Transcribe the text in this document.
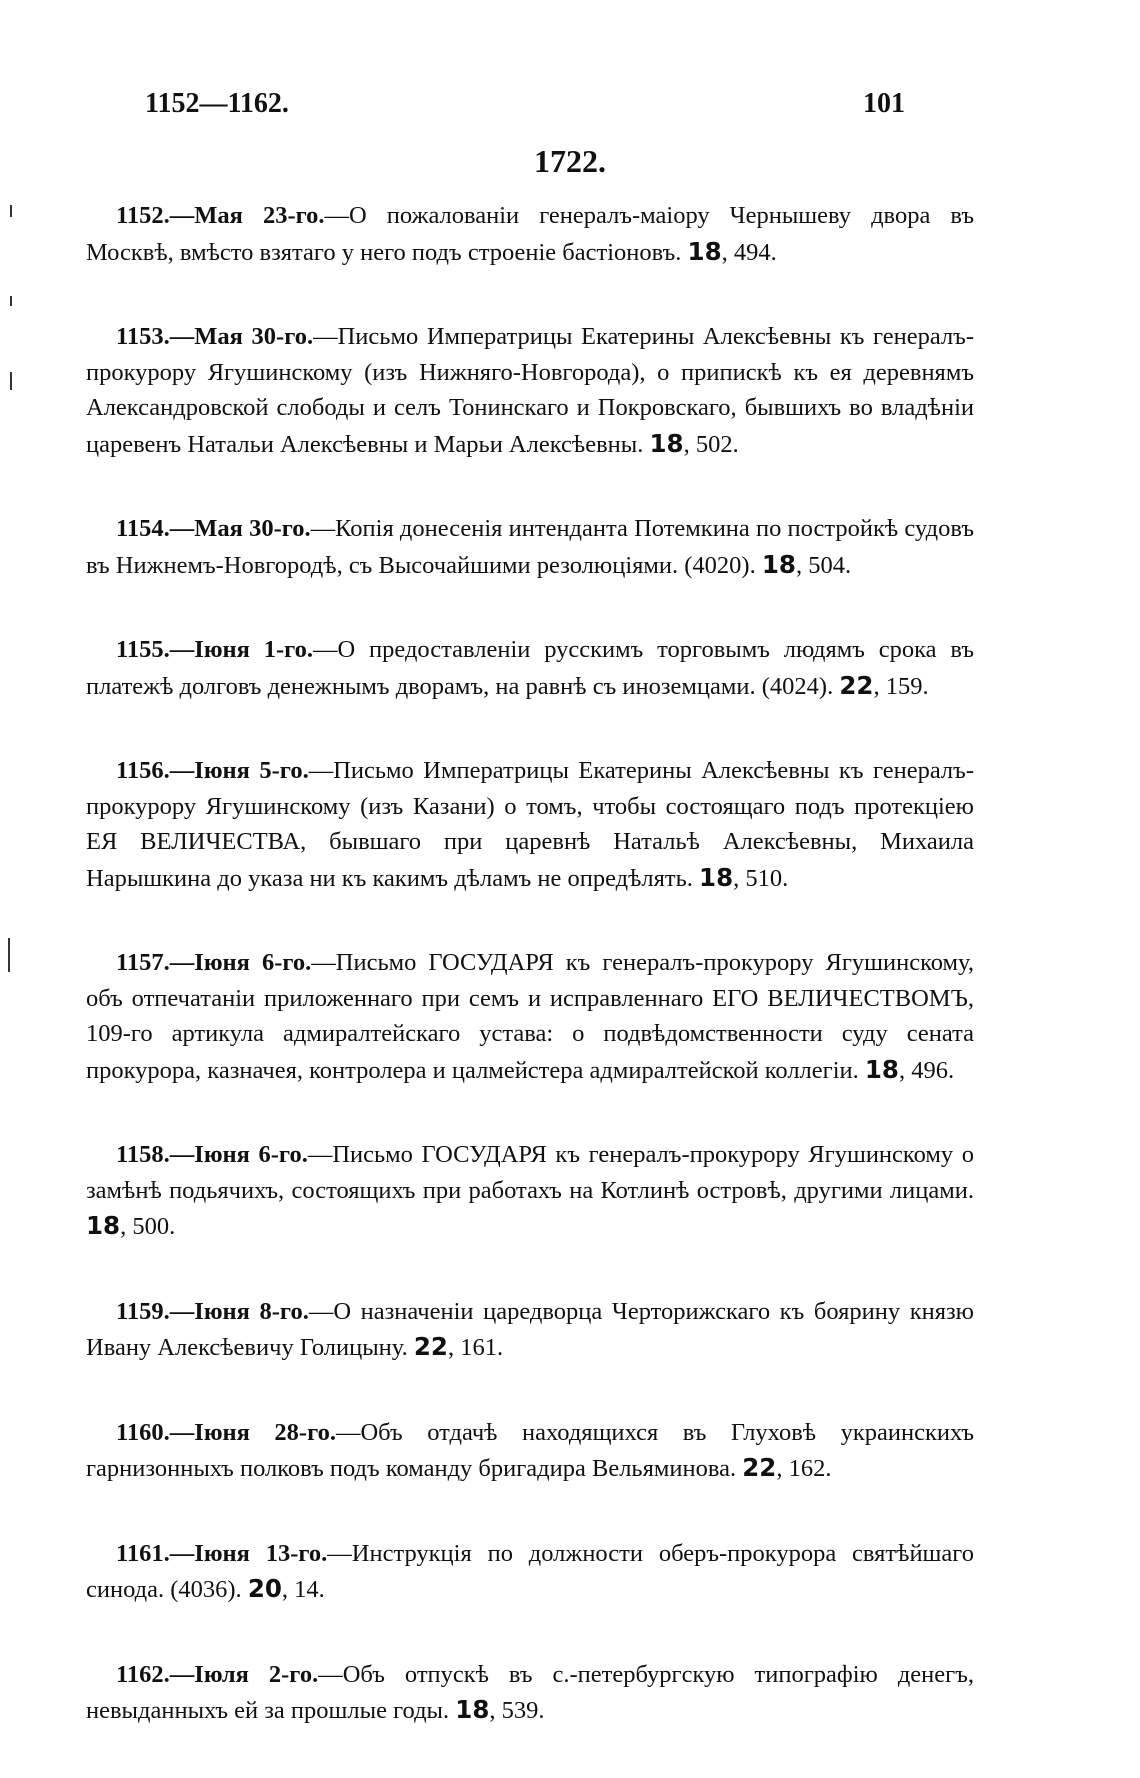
1152—1162.	101
1722.

1152.—Мая 23-го.—О пожалованіи генералъ-маіору Чернышеву двора въ Москвѣ, вмѣсто взятаго у него подъ строеніе бастіоновъ. 18, 494.

1153.—Мая 30-го.—Письмо Императрицы Екатерины Алексѣевны къ генералъ-прокурору Ягушинскому (изъ Нижняго-Новгорода), о припискѣ къ ея деревнямъ Александровской слободы и селъ Тонинскаго и Покровскаго, бывшихъ во владѣніи царевенъ Натальи Алексѣевны и Марьи Алексѣевны. 18, 502.

1154.—Мая 30-го.—Копія донесенія интенданта Потемкина по постройкѣ судовъ въ Нижнемъ-Новгородѣ, съ Высочайшими резолюціями. (4020). 18, 504.

1155.—Іюня 1-го.—О предоставленіи русскимъ торговымъ людямъ срока въ платежѣ долговъ денежнымъ дворамъ, на равнѣ съ иноземцами. (4024). 22, 159.

1156.—Іюня 5-го.—Письмо Императрицы Екатерины Алексѣевны къ генералъ-прокурору Ягушинскому (изъ Казани) о томъ, чтобы состоящаго подъ протекціею ЕЯ ВЕЛИЧЕСТВА, бывшаго при царевнѣ Натальѣ Алексѣевны, Михаила Нарышкина до указа ни къ какимъ дѣламъ не опредѣлять. 18, 510.

1157.—Іюня 6-го.—Письмо ГОСУДАРЯ къ генералъ-прокурору Ягушинскому, объ отпечатаніи приложеннаго при семъ и исправленнаго ЕГО ВЕЛИЧЕСТВОМЪ, 109-го артикула адмиралтейскаго устава: о подвѣдомственности суду сената прокурора, казначея, контролера и цалмейстера адмиралтейской коллегіи. 18, 496.

1158.—Іюня 6-го.—Письмо ГОСУДАРЯ къ генералъ-прокурору Ягушинскому о замѣнѣ подьячихъ, состоящихъ при работахъ на Котлинѣ островѣ, другими лицами. 18, 500.

1159.—Іюня 8-го.—О назначеніи царедворца Черторижскаго къ боярину князю Ивану Алексѣевичу Голицыну. 22, 161.

1160.—Іюня 28-го.—Объ отдачѣ находящихся въ Глуховѣ украинскихъ гарнизонныхъ полковъ подъ команду бригадира Вельяминова. 22, 162.

1161.—Іюня 13-го.—Инструкція по должности оберъ-прокурора святѣйшаго синода. (4036). 20, 14.

1162.—Іюля 2-го.—Объ отпускѣ въ с.-петербургскую типографію денегъ, невыданныхъ ей за прошлые годы. 18, 539.
